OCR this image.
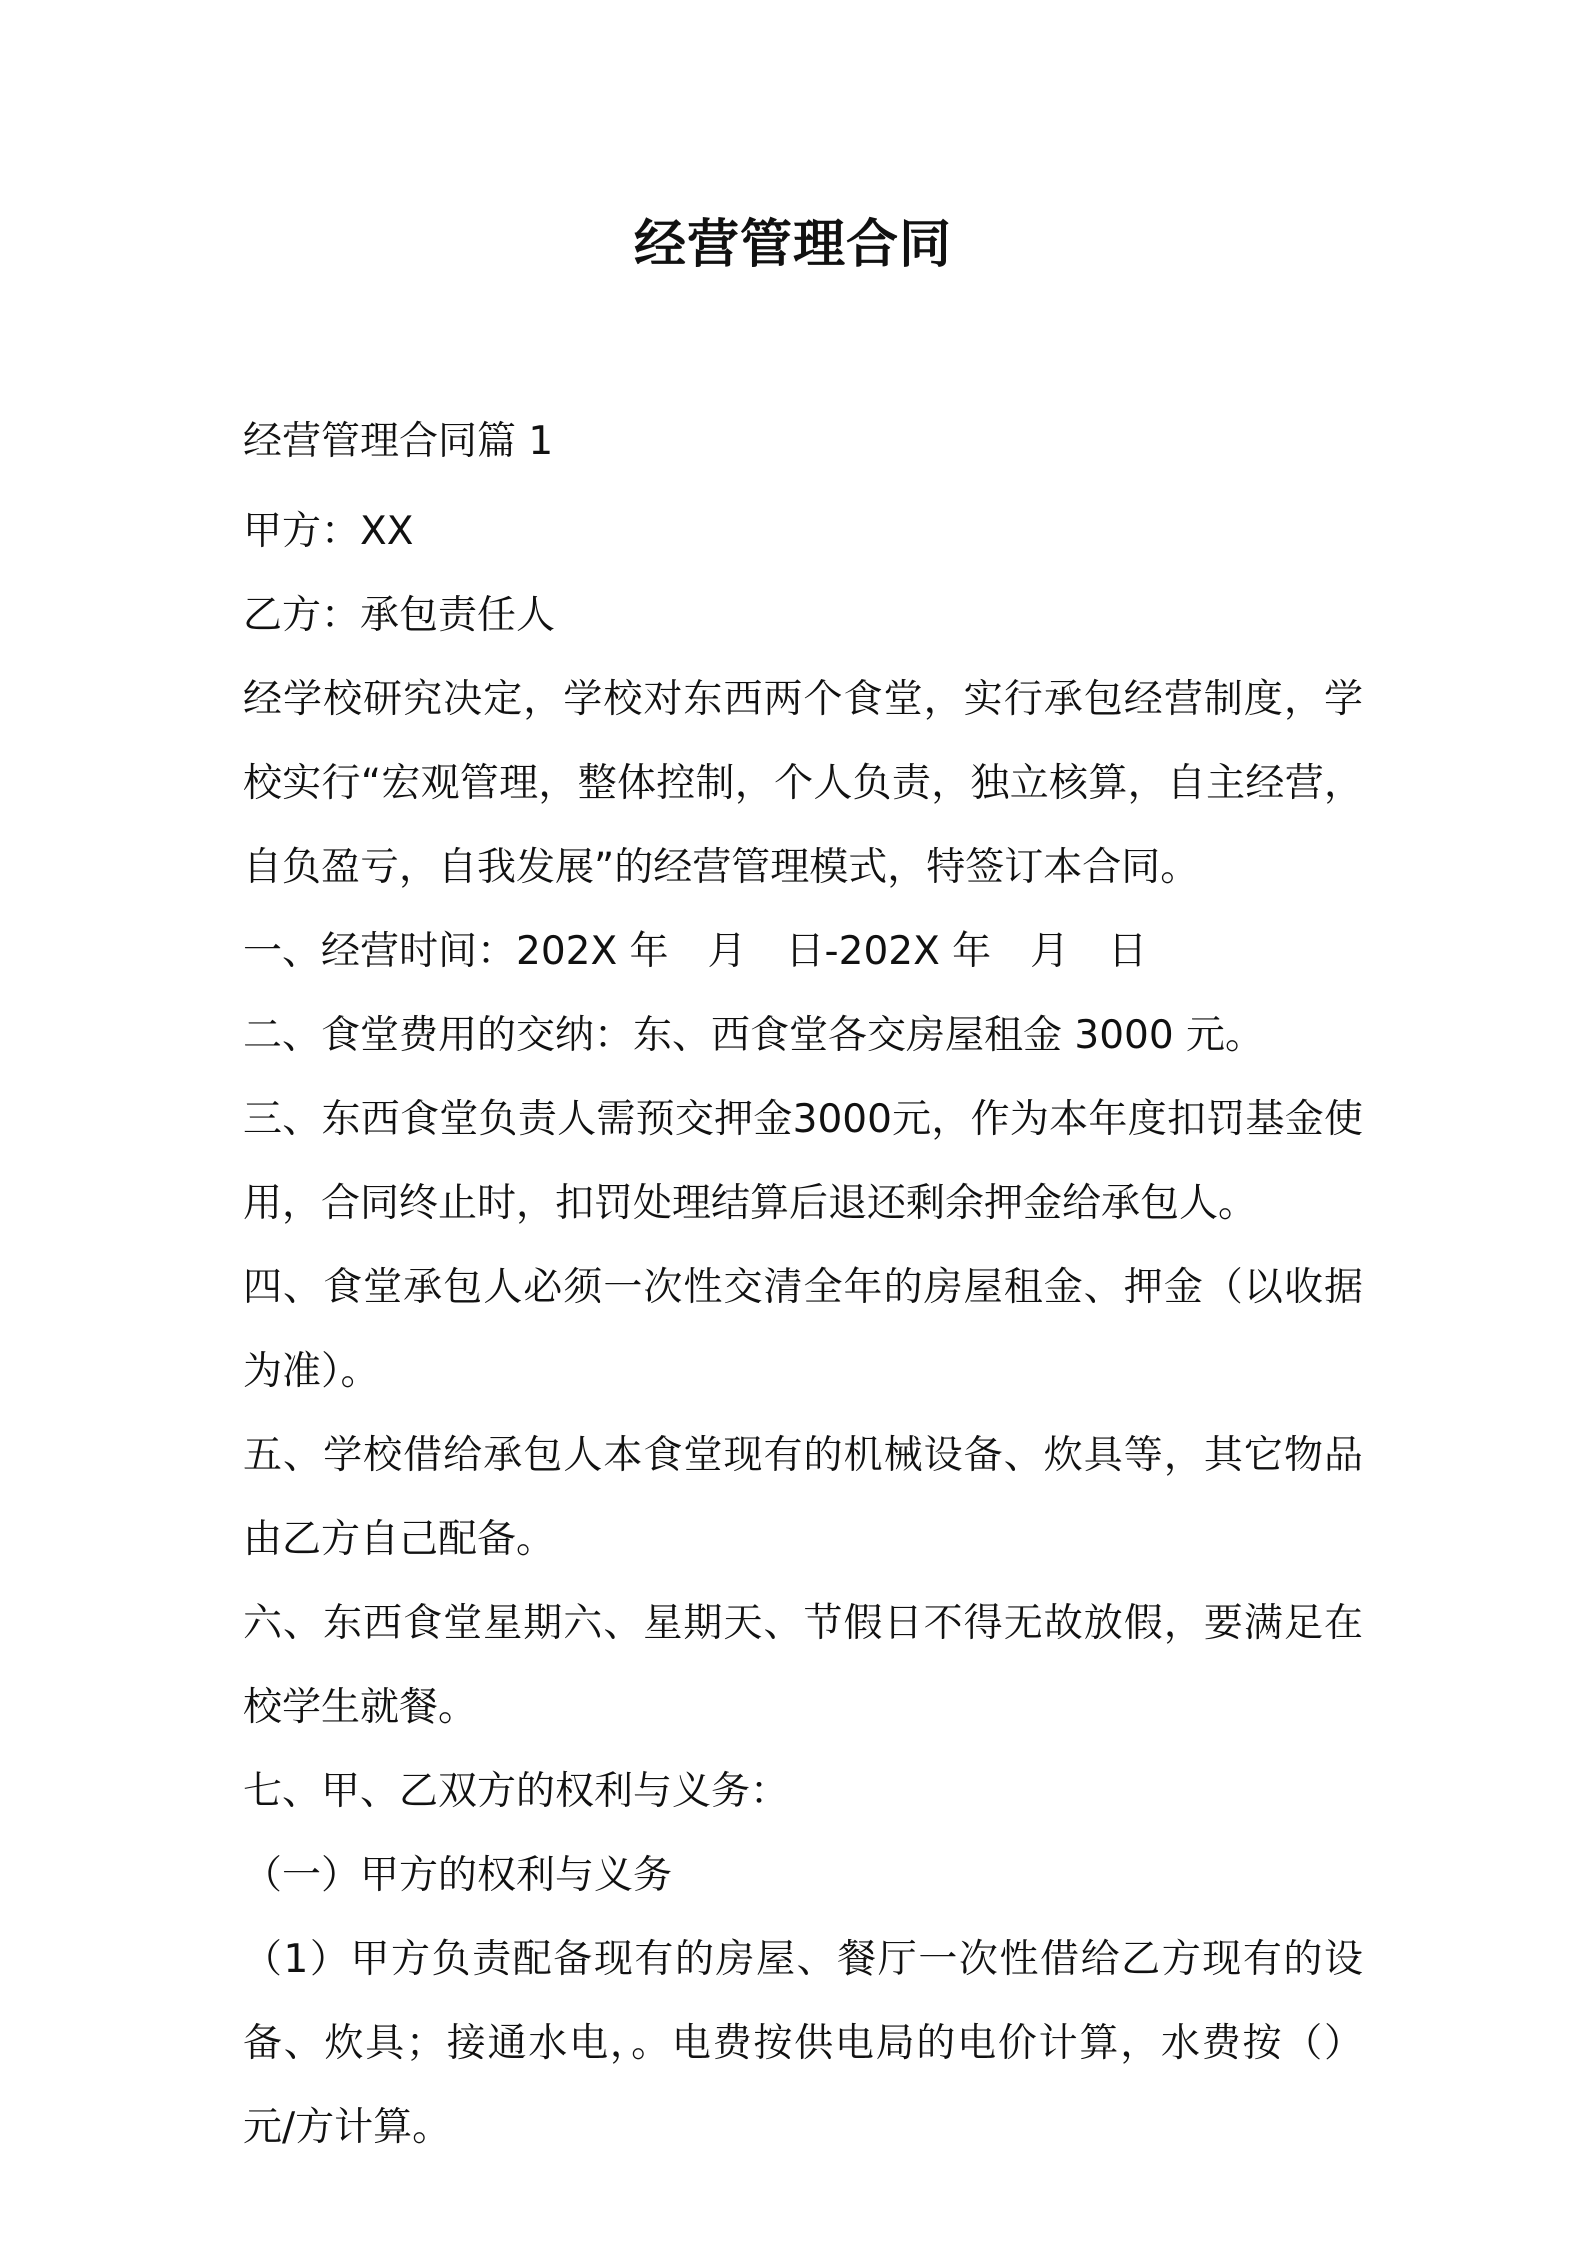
经营管理合同

经营管理合同篇 1

甲方：XX

乙方：承包责任人

经学校研究决定，学校对东西两个食堂，实行承包经营制度，学校实行“宏观管理，整体控制，个人负责，独立核算，自主经营，自负盈亏，自我发展”的经营管理模式，特签订本合同。

一、经营时间：202X 年　月　日-202X 年　月　日

二、食堂费用的交纳：东、西食堂各交房屋租金 3000 元。

三、东西食堂负责人需预交押金3000元，作为本年度扣罚基金使用，合同终止时，扣罚处理结算后退还剩余押金给承包人。

四、食堂承包人必须一次性交清全年的房屋租金、押金（以收据为准）。

五、学校借给承包人本食堂现有的机械设备、炊具等，其它物品由乙方自己配备。

六、东西食堂星期六、星期天、节假日不得无故放假，要满足在校学生就餐。

七、甲、乙双方的权利与义务：

（一）甲方的权利与义务

（1）甲方负责配备现有的房屋、餐厅一次性借给乙方现有的设备、炊具；接通水电，。电费按供电局的电价计算，水费按（）元/方计算。
